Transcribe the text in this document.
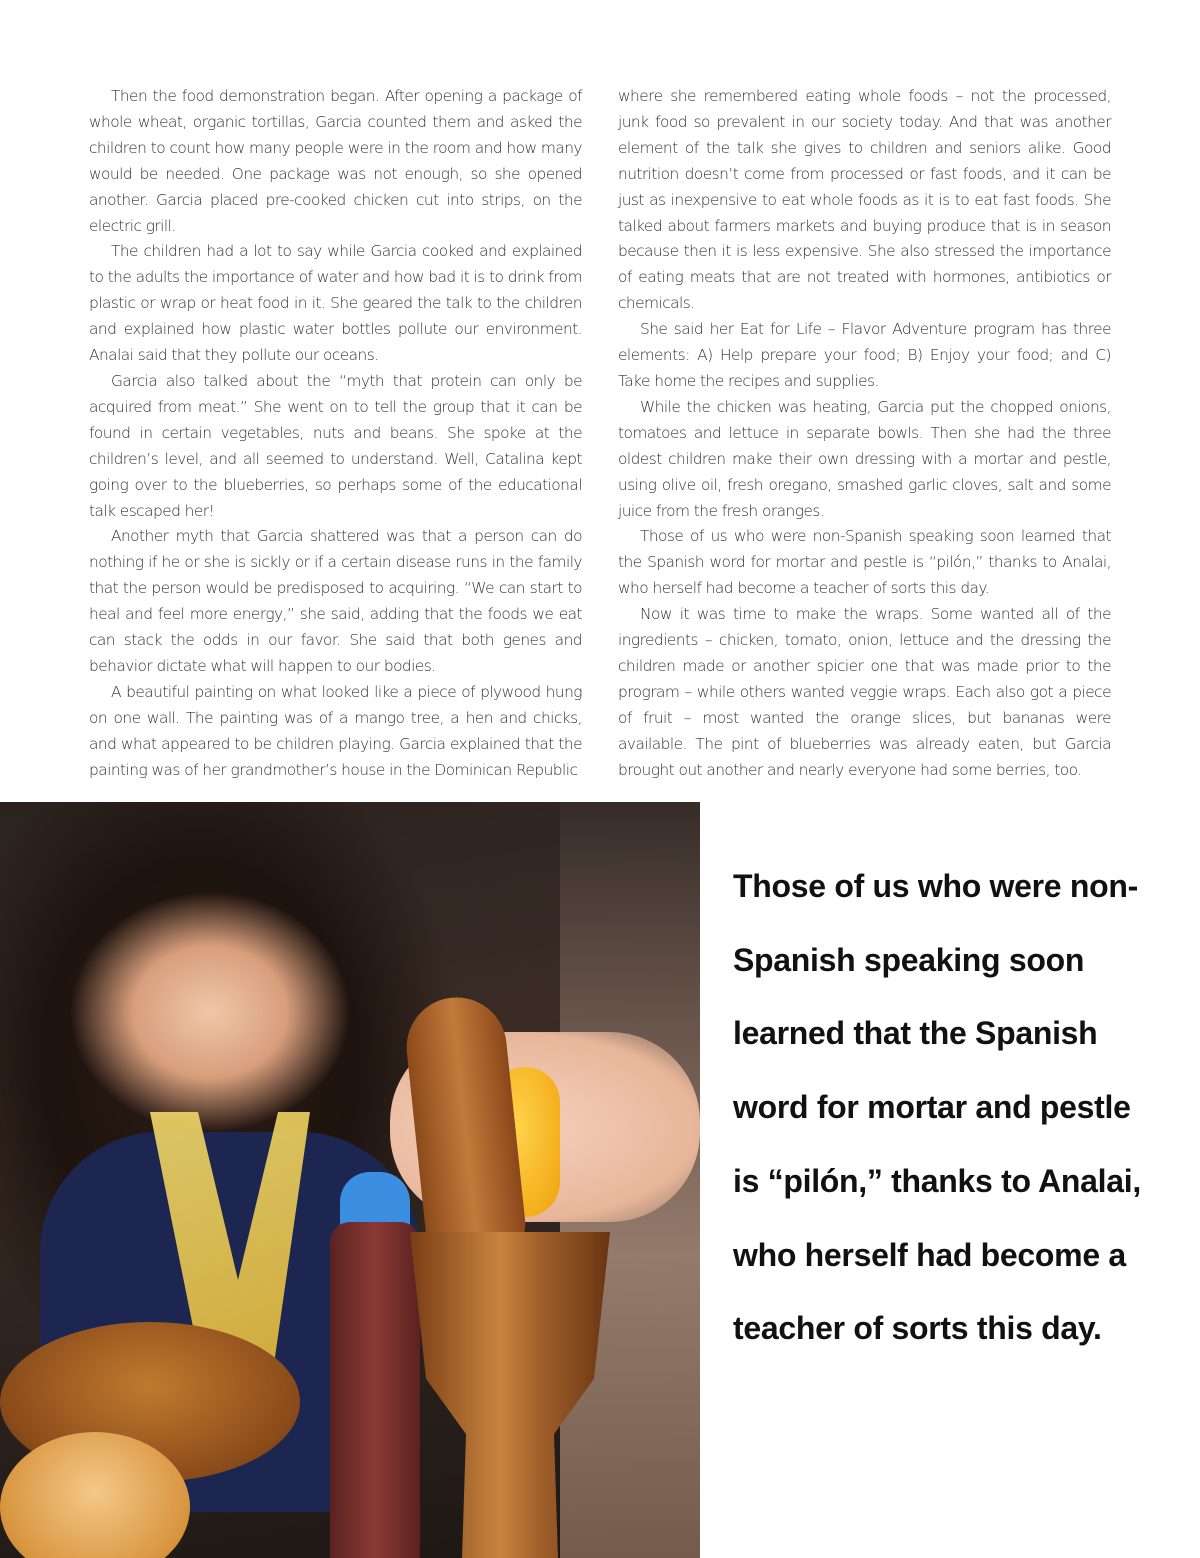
Then the food demonstration began. After opening a package of whole wheat, organic tortillas, Garcia counted them and asked the children to count how many people were in the room and how many would be needed. One package was not enough, so she opened another. Garcia placed pre-cooked chicken cut into strips, on the electric grill.

The children had a lot to say while Garcia cooked and explained to the adults the importance of water and how bad it is to drink from plastic or wrap or heat food in it. She geared the talk to the children and explained how plastic water bottles pollute our environment. Analai said that they pollute our oceans.

Garcia also talked about the “myth that protein can only be acquired from meat.” She went on to tell the group that it can be found in certain vegetables, nuts and beans. She spoke at the children’s level, and all seemed to understand. Well, Catalina kept going over to the blueberries, so perhaps some of the educational talk escaped her!

Another myth that Garcia shattered was that a person can do nothing if he or she is sickly or if a certain disease runs in the family that the person would be predisposed to acquiring. “We can start to heal and feel more energy,” she said, adding that the foods we eat can stack the odds in our favor. She said that both genes and behavior dictate what will happen to our bodies.

A beautiful painting on what looked like a piece of plywood hung on one wall. The painting was of a mango tree, a hen and chicks, and what appeared to be children playing. Garcia explained that the painting was of her grandmother’s house in the Dominican Republic

where she remembered eating whole foods – not the processed, junk food so prevalent in our society today. And that was another element of the talk she gives to children and seniors alike. Good nutrition doesn’t come from processed or fast foods, and it can be just as inexpensive to eat whole foods as it is to eat fast foods. She talked about farmers markets and buying produce that is in season because then it is less expensive. She also stressed the importance of eating meats that are not treated with hormones, antibiotics or chemicals.

She said her Eat for Life – Flavor Adventure program has three elements: A) Help prepare your food; B) Enjoy your food; and C) Take home the recipes and supplies.

While the chicken was heating, Garcia put the chopped onions, tomatoes and lettuce in separate bowls. Then she had the three oldest children make their own dressing with a mortar and pestle, using olive oil, fresh oregano, smashed garlic cloves, salt and some juice from the fresh oranges.

Those of us who were non-Spanish speaking soon learned that the Spanish word for mortar and pestle is “pilón,” thanks to Analai, who herself had become a teacher of sorts this day.

Now it was time to make the wraps. Some wanted all of the ingredients – chicken, tomato, onion, lettuce and the dressing the children made or another spicier one that was made prior to the program – while others wanted veggie wraps. Each also got a piece of fruit – most wanted the orange slices, but bananas were available. The pint of blueberries was already eaten, but Garcia brought out another and nearly everyone had some berries, too.

Those of us who were non-Spanish speaking soon learned that the Spanish word for mortar and pestle is “pilón,” thanks to Analai, who herself had become a teacher of sorts this day.
